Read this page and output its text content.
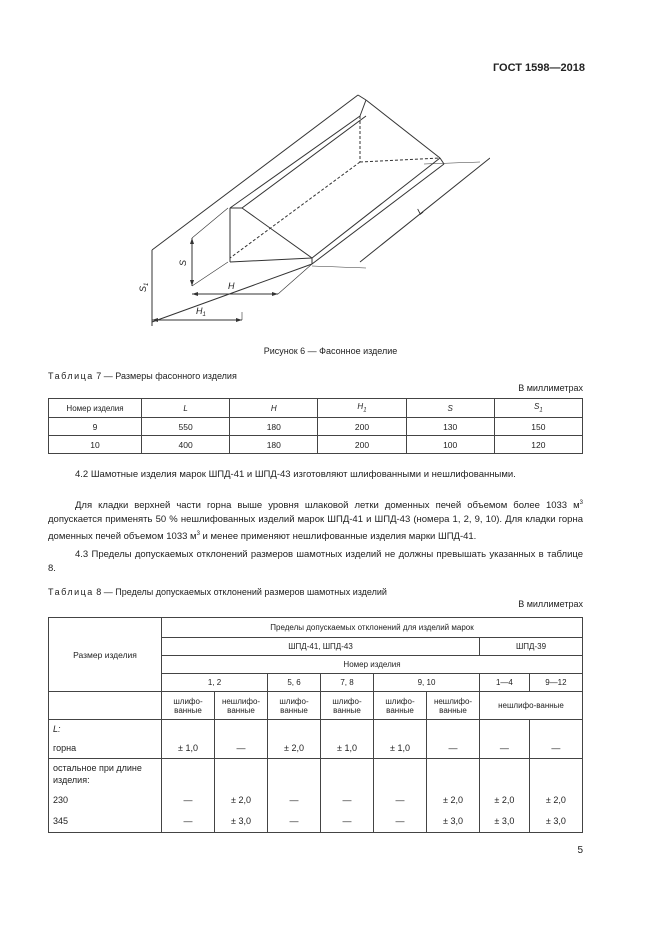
ГОСТ 1598—2018
L
S
$S_1$	H
$H_1$
Рисунок 6 — Фасонное изделие
Таблица 7 — Размеры фасонного изделия
В миллиметрах
Номер изделия	L	H	$H_1$	S	$S_1$
9	550	180	200	130	150
10	400	180	200	100	120
4.2 Шамотные изделия марок ШПД-41 и ШПД-43 изготовляют шлифованными и нешлифованными.
Для кладки верхней части горна выше уровня шлаковой летки доменных печей объемом более 1033 $м^3$ допускается применять 50 % нешлифованных изделий марок ШПД-41 и ШПД-43 (номера 1, 2, 9, 10). Для кладки горна доменных печей объемом 1033 $м^3$ и менее применяют нешлифованные изделия марки ШПД-41.
4.3 Пределы допускаемых отклонений размеров шамотных изделий не должны превышать указанных в таблице 8.
Таблица 8 — Пределы допускаемых отклонений размеров шамотных изделий
В миллиметрах
Размер изделия	Пределы допускаемых отклонений для изделий марок							
	ШПД-41, ШПД-43						ШПД-39	
	Номер изделия							
	1, 2		5, 6	7, 8	9, 10		1—4	9—12
	шлифо-ванные	нешлифо-ванные	шлифо-ванные	шлифо-ванные	шлифо-ванные	нешлифо-ванные	нешлифо-ванные	
L:								
горна	± 1,0	—	± 2,0	± 1,0	± 1,0	—	—	—
остальное при длине изделия:								
230	—	± 2,0	—	—	—	± 2,0	± 2,0	± 2,0
345	—	± 3,0	—	—	—	± 3,0	± 3,0	± 3,0
5
